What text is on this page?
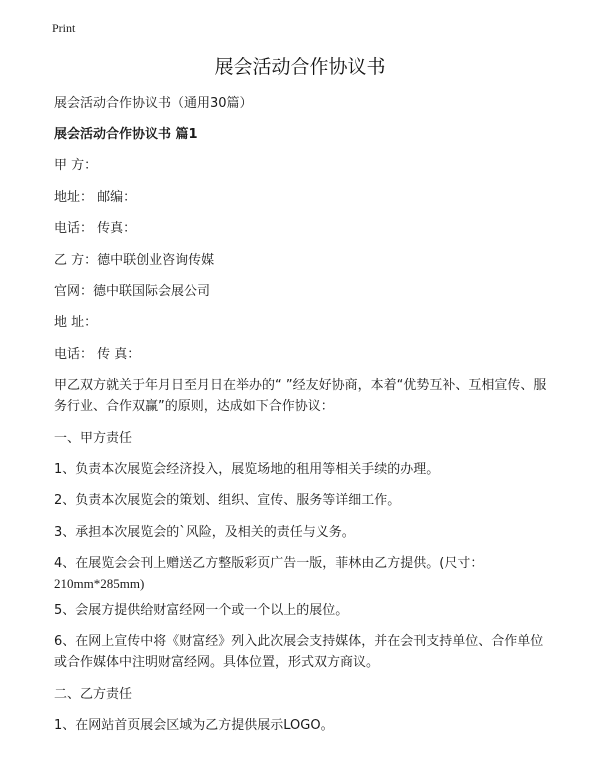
Print
展会活动合作协议书
展会活动合作协议书（通用30篇）
展会活动合作协议书 篇1
甲 方：
地址： 邮编：
电话： 传真：
乙 方：德中联创业咨询传媒
官网：德中联国际会展公司
地 址：
电话： 传 真：
甲乙双方就关于年月日至月日在举办的“ ”经友好协商，本着“优势互补、互相宣传、服务行业、合作双赢”的原则，达成如下合作协议：
一、甲方责任
1、负责本次展览会经济投入，展览场地的租用等相关手续的办理。
2、负责本次展览会的策划、组织、宣传、服务等详细工作。
3、承担本次展览会的`风险，及相关的责任与义务。
4、在展览会会刊上赠送乙方整版彩页广告一版，菲林由乙方提供。(尺寸：
210mm*285mm)
5、会展方提供给财富经网一个或一个以上的展位。
6、在网上宣传中将《财富经》列入此次展会支持媒体，并在会刊支持单位、合作单位或合作媒体中注明财富经网。具体位置，形式双方商议。
二、乙方责任
1、在网站首页展会区域为乙方提供展示LOGO。
